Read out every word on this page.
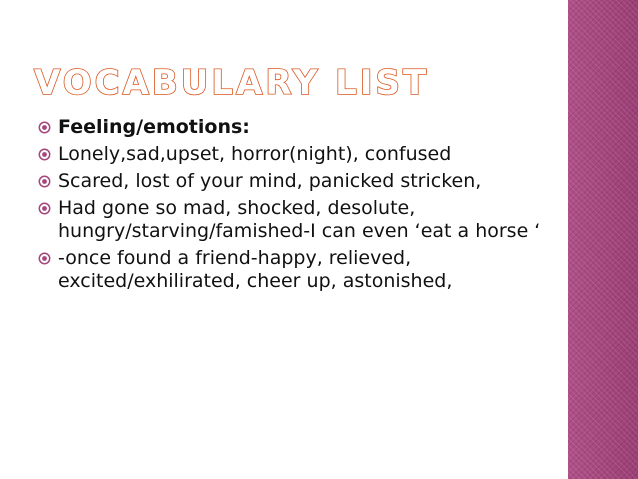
VOCABULARY LIST
Feeling/emotions:
Lonely,sad,upset, horror(night), confused
Scared, lost of your mind, panicked stricken,
Had gone so mad, shocked, desolute, hungry/starving/famished-I can even ‘eat a horse ‘
-once found a friend-happy, relieved, excited/exhilirated, cheer up, astonished,
